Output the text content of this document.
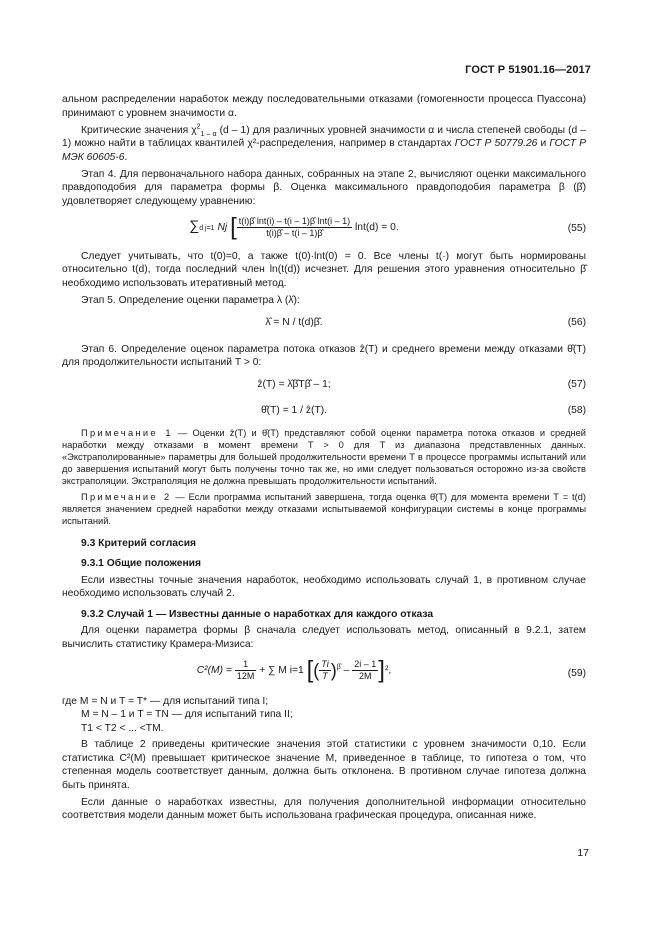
ГОСТ Р 51901.16—2017

альном распределении наработок между последовательными отказами (гомогенности процесса Пуассона) принимают с уровнем значимости α.

Критические значения $\chi^2_{1 - \alpha}$ (d – 1) для различных уровней значимости α и числа степеней свободы (d – 1) можно найти в таблицах квантилей χ²-распределения, например в стандартах ГОСТ Р 50779.26 и ГОСТ Р МЭК 60605-6.

Этап 4. Для первоначального набора данных, собранных на этапе 2, вычисляют оценки максимального правдоподобия для параметра формы β. Оценка максимального правдоподобия параметра β (β̂) удовлетворяет следующему уравнению:

∑d j=1 Nj [ $\frac{t(i)\betâ \ln t(i) - t(i - 1)\betâ \ln t(i - 1)}{t(i)\betâ - t(i - 1)\betâ} \ln t(d) = 0$.	(55)

Следует учитывать, что t(0)=0, а также t(0)·lnt(0) = 0. Все члены t(·) могут быть нормированы относительно t(d), тогда последний член ln(t(d)) исчезнет. Для решения этого уравнения относительно β̂ необходимо использовать итеративный метод.

Этап 5. Определение оценки параметра λ (λ̂):

λ̂ = N / t(d)β̂.	(56)

Этап 6. Определение оценок параметра потока отказов ẑ(T) и среднего времени между отказами θ̂(T) для продолжительности испытаний T > 0:

ẑ(T) = λ̂β̂Tβ̂ – 1;	(57)
θ̂(T) = 1 / ẑ(T).	(58)

Примечание 1 — Оценки ẑ(T) и θ̂(T) представляют собой оценки параметра потока отказов и средней наработки между отказами в момент времени T > 0 для T из диапазона представленных данных. «Экстраполированные» параметры для большей продолжительности времени T в процессе программы испытаний или до завершения испытаний могут быть получены точно так же, но ими следует пользоваться осторожно из-за свойств экстраполяции. Экстраполяция не должна превышать продолжительности испытаний.

Примечание 2 — Если программа испытаний завершена, тогда оценка θ̂(T) для момента времени T = t(d) является значением средней наработки между отказами испытываемой конфигурации системы в конце программы испытаний.

9.3 Критерий согласия
9.3.1 Общие положения

Если известны точные значения наработок, необходимо использовать случай 1, в противном случае необходимо использовать случай 2.

9.3.2 Случай 1 — Известны данные о наработках для каждого отказа

Для оценки параметра формы β сначала следует использовать метод, описанный в 9.2.1, затем вычислить статистику Крамера-Мизиса:

$C^2(M) = \frac{1}{12M}$ + ∑ M i=1 [( $\frac{Ti}{T} )^{\betâ} - \frac{2i - 1}{2M} ]^2$,	(59)

где M = N и T = T* — для испытаний типа I;

M = N – 1 и T = TN — для испытаний типа II;

T1 < T2 < ... <TM.

В таблице 2 приведены критические значения этой статистики с уровнем значимости 0,10. Если статистика C²(M) превышает критическое значение M, приведенное в таблице, то гипотеза о том, что степенная модель соответствует данным, должна быть отклонена. В противном случае гипотеза должна быть принята.

Если данные о наработках известны, для получения дополнительной информации относительно соответствия модели данным может быть использована графическая процедура, описанная ниже.

17
